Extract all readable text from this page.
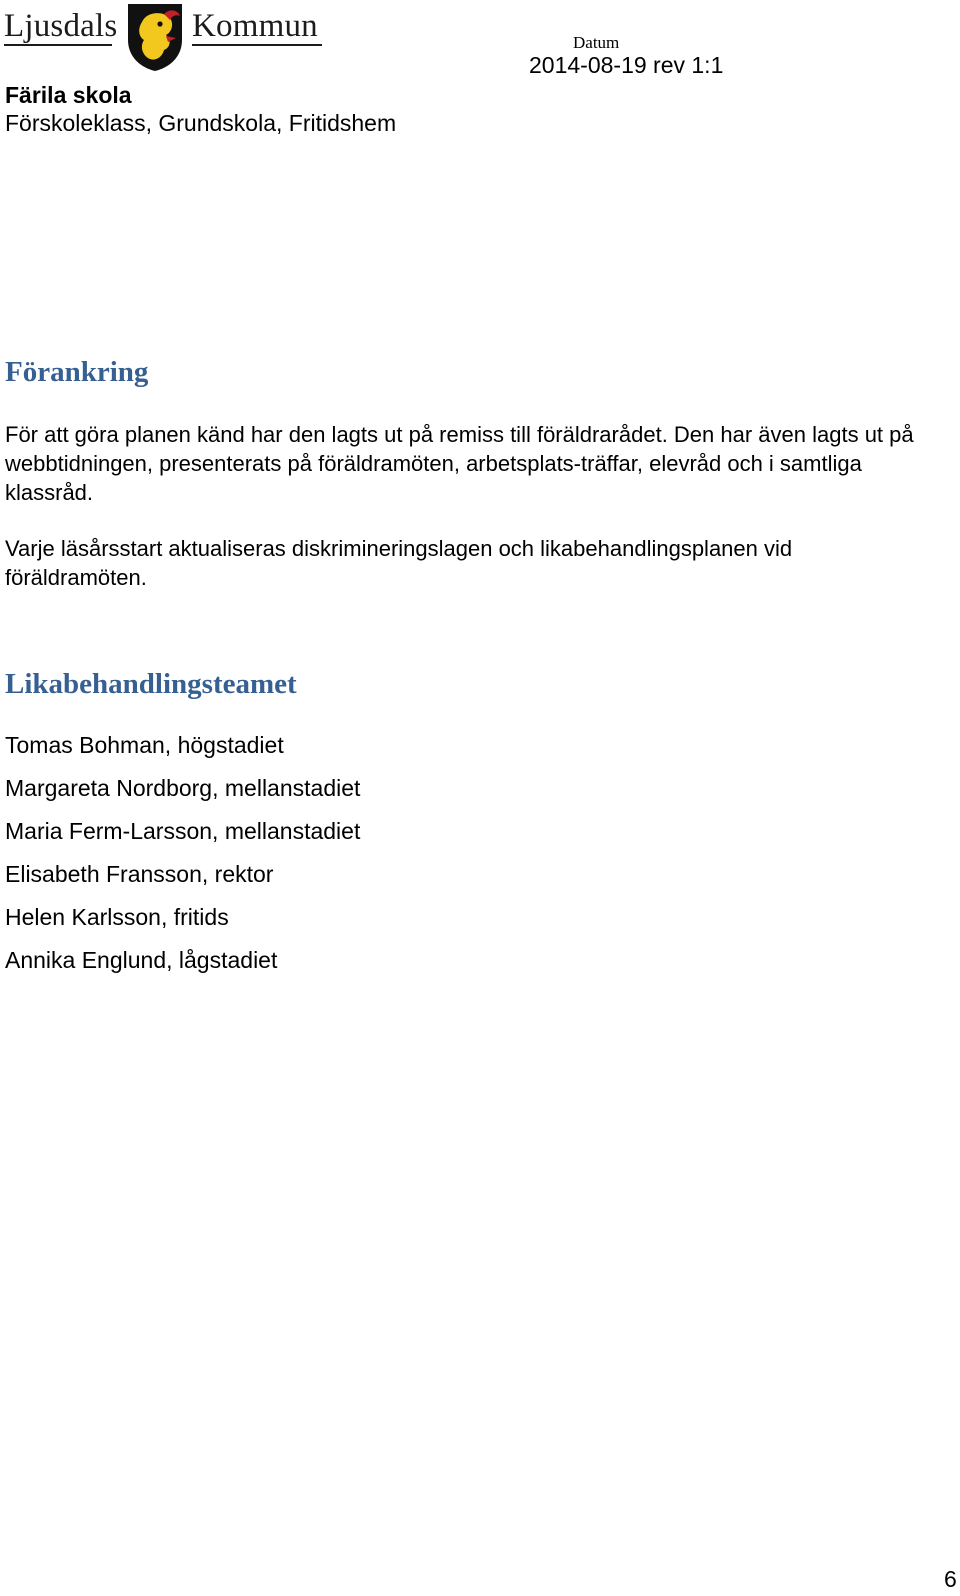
Ljusdals Kommun	Datum
2014-08-19 rev 1:1
Färila skola
Förskoleklass, Grundskola, Fritidshem
Förankring

För att göra planen känd har den lagts ut på remiss till föräldrarådet. Den har även lagts ut på webbtidningen, presenterats på föräldramöten, arbetsplats-träffar, elevråd och i samtliga klassråd.

Varje läsårsstart aktualiseras diskrimineringslagen och likabehandlingsplanen vid föräldramöten.

Likabehandlingsteamet
Tomas Bohman, högstadiet
Margareta Nordborg, mellanstadiet
Maria Ferm-Larsson, mellanstadiet
Elisabeth Fransson, rektor
Helen Karlsson, fritids
Annika Englund, lågstadiet
6
